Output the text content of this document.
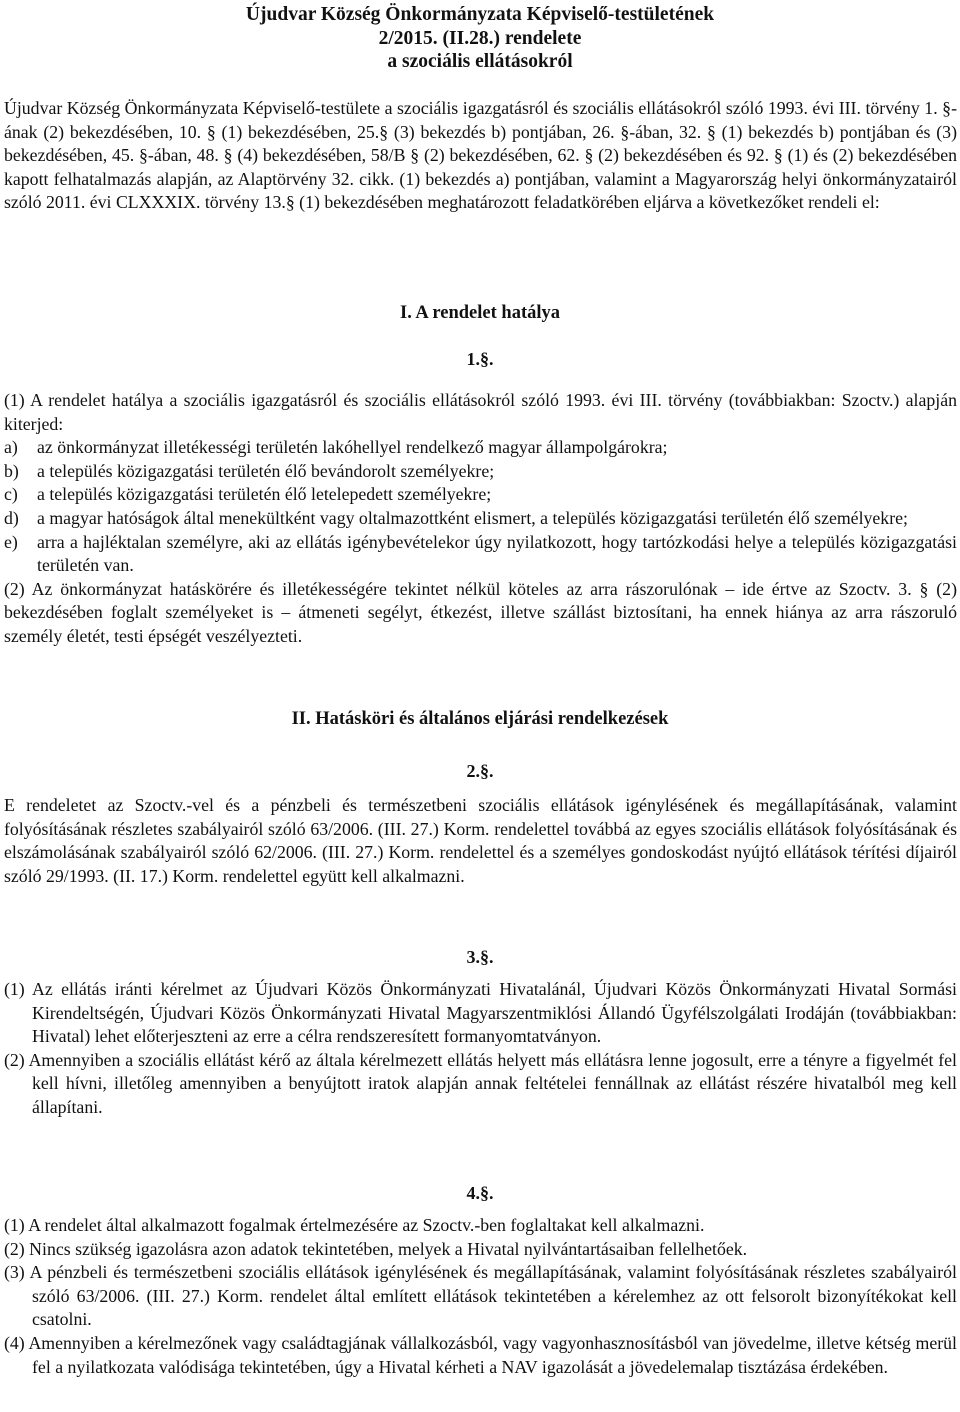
Újudvar Község Önkormányzata Képviselő-testületének
2/2015. (II.28.) rendelete
a szociális ellátásokról

Újudvar Község Önkormányzata Képviselő-testülete a szociális igazgatásról és szociális ellátásokról szóló 1993. évi III. törvény 1. §-ának (2) bekezdésében, 10. § (1) bekezdésében, 25.§ (3) bekezdés b) pontjában, 26. §-ában, 32. § (1) bekezdés b) pontjában és (3) bekezdésében, 45. §-ában, 48. § (4) bekezdésében, 58/B § (2) bekezdésében, 62. § (2) bekezdésében és 92. § (1) és (2) bekezdésében kapott felhatalmazás alapján, az Alaptörvény 32. cikk. (1) bekezdés a) pontjában, valamint a Magyarország helyi önkormányzatairól szóló 2011. évi CLXXXIX. törvény 13.§ (1) bekezdésében meghatározott feladatkörében eljárva a következőket rendeli el:

I. A rendelet hatálya
1.§.

(1) A rendelet hatálya a szociális igazgatásról és szociális ellátásokról szóló 1993. évi III. törvény (továbbiakban: Szoctv.) alapján kiterjed:

a)	az önkormányzat illetékességi területén lakóhellyel rendelkező magyar állampolgárokra;
b)	a település közigazgatási területén élő bevándorolt személyekre;
c)	a település közigazgatási területén élő letelepedett személyekre;
d)	a magyar hatóságok által menekültként vagy oltalmazottként elismert, a település közigazgatási területén élő személyekre;
e)	arra a hajléktalan személyre, aki az ellátás igénybevételekor úgy nyilatkozott, hogy tartózkodási helye a település közigazgatási területén van.

(2) Az önkormányzat hatáskörére és illetékességére tekintet nélkül köteles az arra rászorulónak – ide értve az Szoctv. 3. § (2) bekezdésében foglalt személyeket is – átmeneti segélyt, étkezést, illetve szállást biztosítani, ha ennek hiánya az arra rászoruló személy életét, testi épségét veszélyezteti.

II. Hatásköri és általános eljárási rendelkezések
2.§.

E rendeletet az Szoctv.-vel és a pénzbeli és természetbeni szociális ellátások igénylésének és megállapításának, valamint folyósításának részletes szabályairól szóló 63/2006. (III. 27.) Korm. rendelettel továbbá az egyes szociális ellátások folyósításának és elszámolásának szabályairól szóló 62/2006. (III. 27.) Korm. rendelettel és a személyes gondoskodást nyújtó ellátások térítési díjairól szóló 29/1993. (II. 17.) Korm. rendelettel együtt kell alkalmazni.

3.§.

(1) Az ellátás iránti kérelmet az Újudvari Közös Önkormányzati Hivatalánál, Újudvari Közös Önkormányzati Hivatal Sormási Kirendeltségén, Újudvari Közös Önkormányzati Hivatal Magyarszentmiklósi Állandó Ügyfélszolgálati Irodáján (továbbiakban: Hivatal) lehet előterjeszteni az erre a célra rendszeresített formanyomtatványon.

(2) Amennyiben a szociális ellátást kérő az általa kérelmezett ellátás helyett más ellátásra lenne jogosult, erre a tényre a figyelmét fel kell hívni, illetőleg amennyiben a benyújtott iratok alapján annak feltételei fennállnak az ellátást részére hivatalból meg kell állapítani.

4.§.

(1) A rendelet által alkalmazott fogalmak értelmezésére az Szoctv.-ben foglaltakat kell alkalmazni.

(2) Nincs szükség igazolásra azon adatok tekintetében, melyek a Hivatal nyilvántartásaiban fellelhetőek.

(3) A pénzbeli és természetbeni szociális ellátások igénylésének és megállapításának, valamint folyósításának részletes szabályairól szóló 63/2006. (III. 27.) Korm. rendelet által említett ellátások tekintetében a kérelemhez az ott felsorolt bizonyítékokat kell csatolni.

(4) Amennyiben a kérelmezőnek vagy családtagjának vállalkozásból, vagy vagyonhasznosításból van jövedelme, illetve kétség merül fel a nyilatkozata valódisága tekintetében, úgy a Hivatal kérheti a NAV igazolását a jövedelemalap tisztázása érdekében.
